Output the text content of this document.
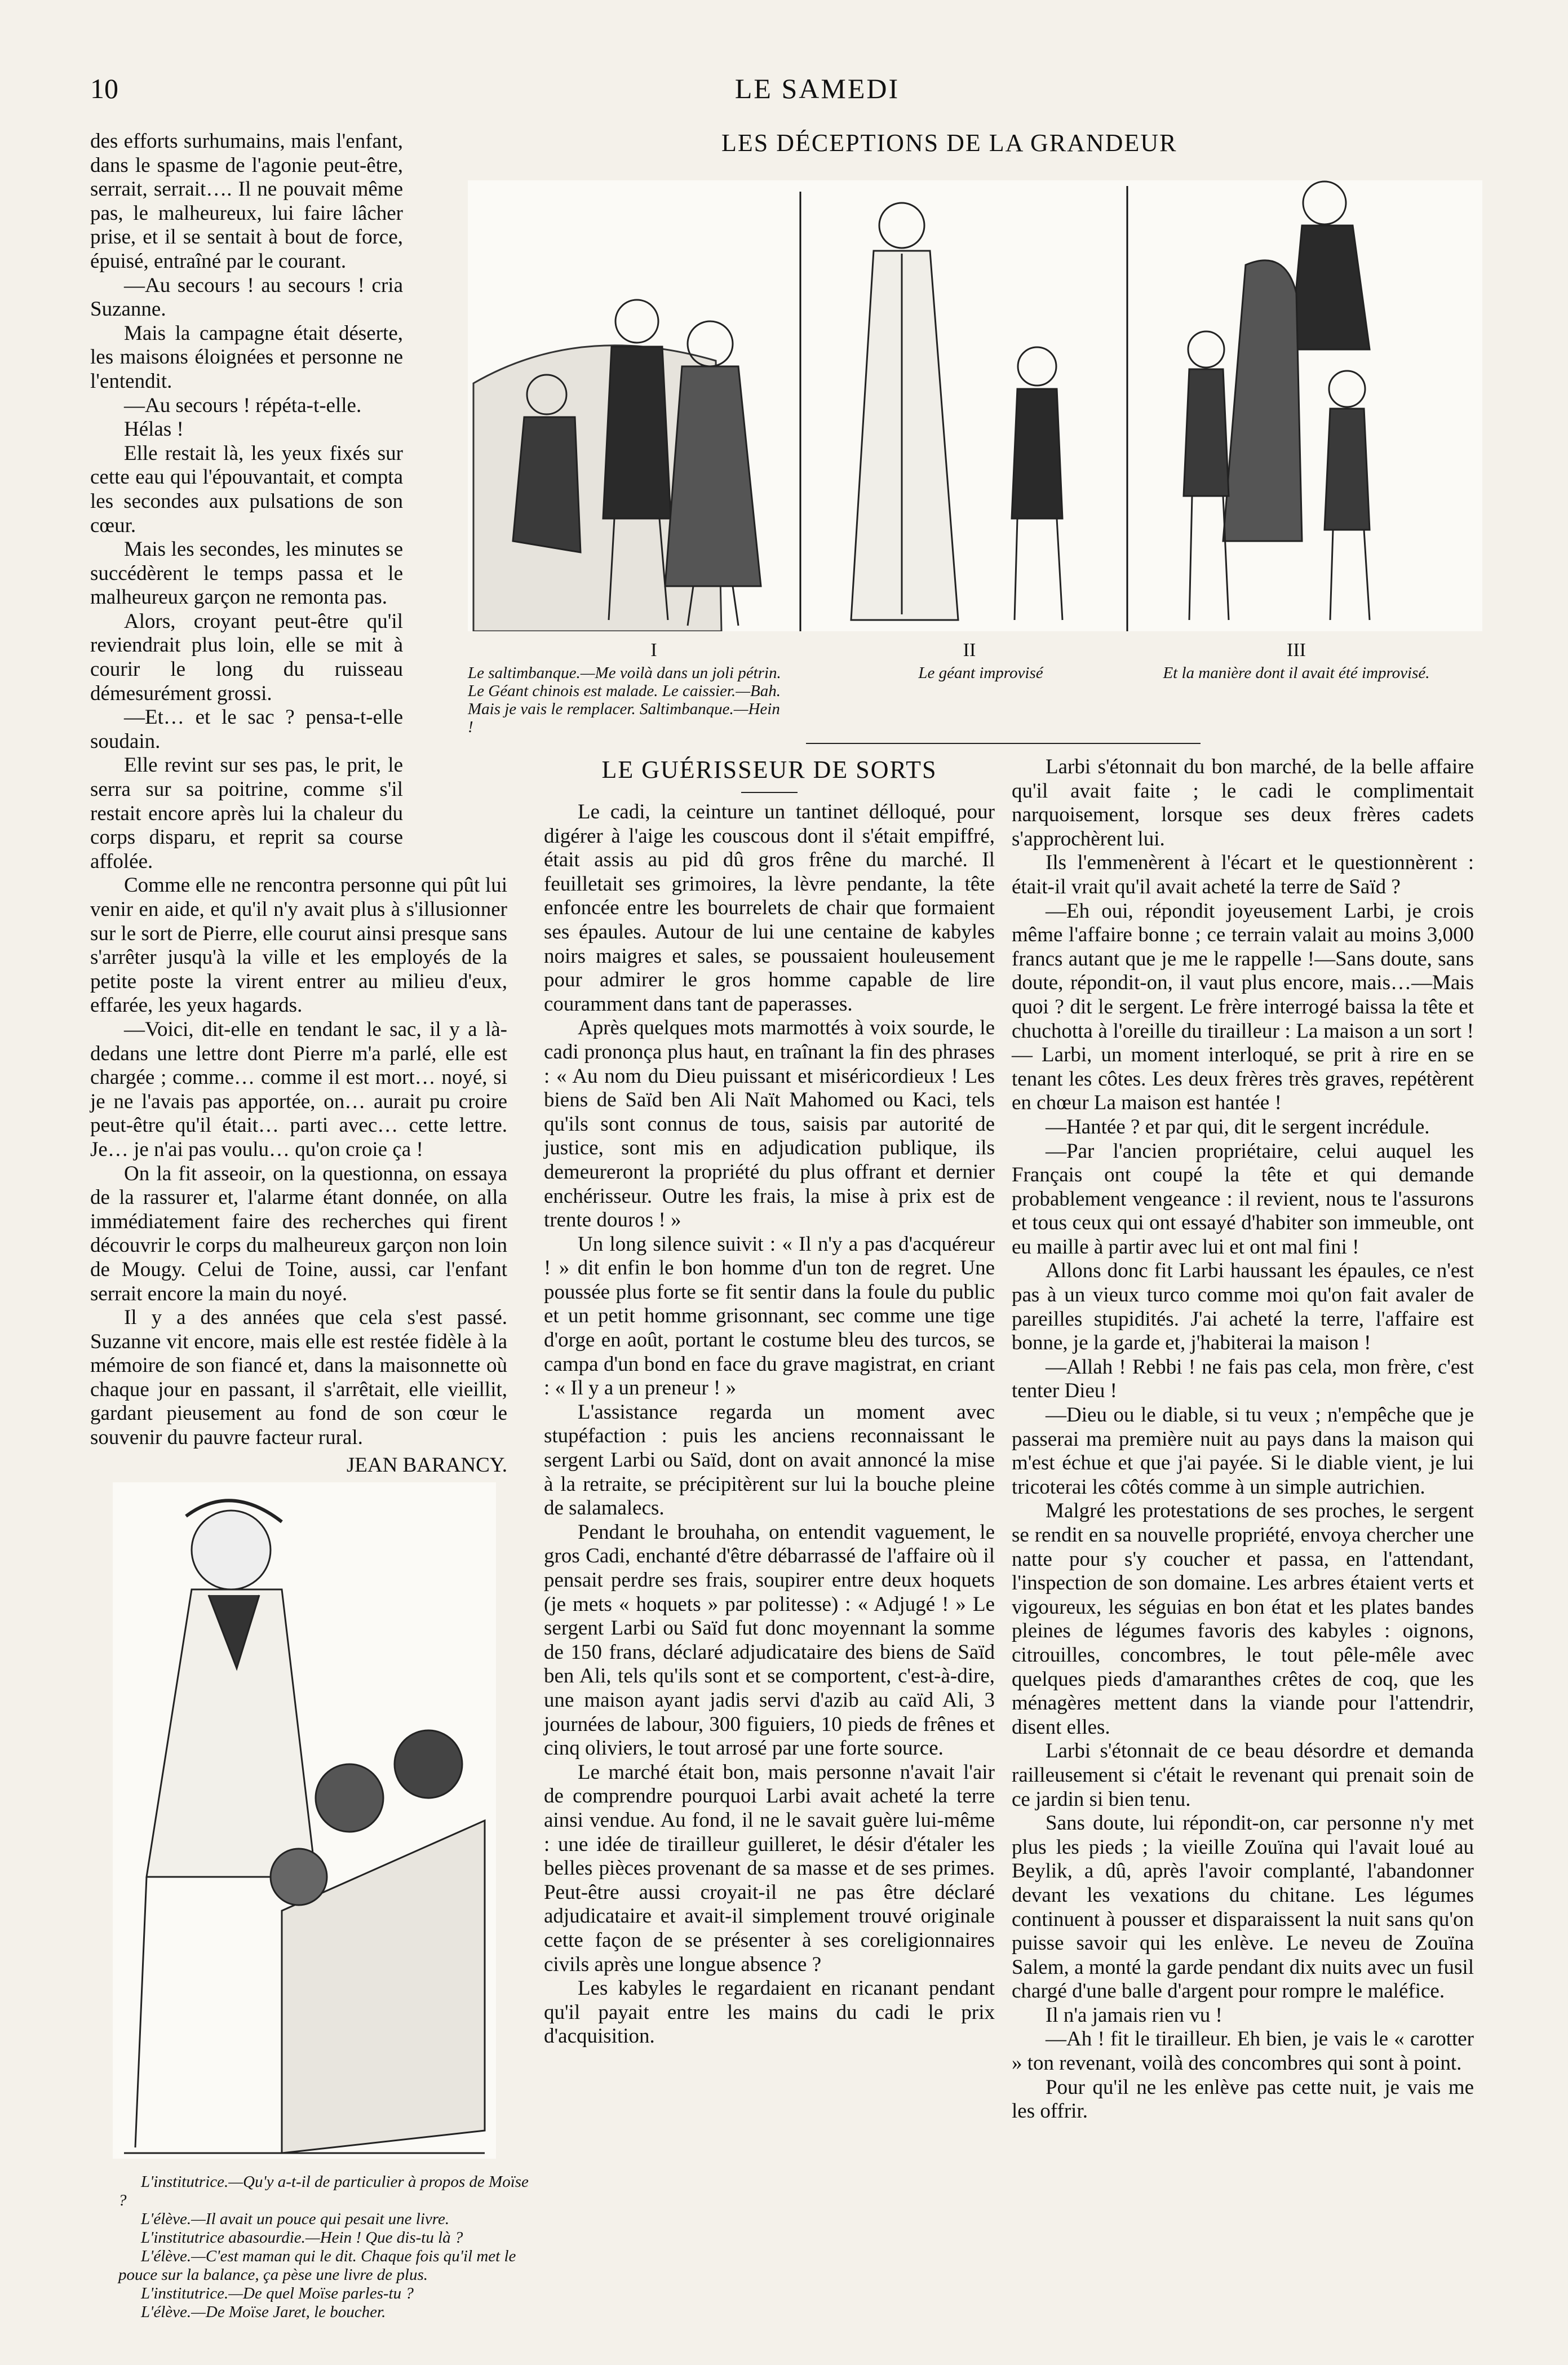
10	LE SAMEDI
LES DÉCEPTIONS DE LA GRANDEUR
I	II	III
Le saltimbanque.—Me voilà dans un joli pétrin. Le Géant chinois est malade. Le caissier.—Bah. Mais je vais le remplacer. Saltimbanque.—Hein !
Le géant improvisé	Et la manière dont il avait été improvisé.

des efforts surhumains, mais l'enfant, dans le spasme de l'agonie peut-être, serrait, serrait…. Il ne pouvait même pas, le malheureux, lui faire lâcher prise, et il se sentait à bout de force, épuisé, entraîné par le courant.

—Au secours ! au secours ! cria Suzanne.

Mais la campagne était déserte, les maisons éloignées et personne ne l'entendit.

—Au secours ! répéta-t-elle.

Hélas !

Elle restait là, les yeux fixés sur cette eau qui l'épouvantait, et compta les secondes aux pulsations de son cœur.

Mais les secondes, les minutes se succédèrent le temps passa et le malheureux garçon ne remonta pas.

Alors, croyant peut-être qu'il reviendrait plus loin, elle se mit à courir le long du ruisseau démesurément grossi.

—Et… et le sac ? pensa-t-elle soudain.

Elle revint sur ses pas, le prit, le serra sur sa poitrine, comme s'il restait encore après lui la chaleur du corps disparu, et reprit sa course affolée.

Comme elle ne rencontra personne qui pût lui venir en aide, et qu'il n'y avait plus à s'illusionner sur le sort de Pierre, elle courut ainsi presque sans s'arrêter jusqu'à la ville et les employés de la petite poste la virent entrer au milieu d'eux, effarée, les yeux hagards.

—Voici, dit-elle en tendant le sac, il y a là-dedans une lettre dont Pierre m'a parlé, elle est chargée ; comme… comme il est mort… noyé, si je ne l'avais pas apportée, on… aurait pu croire peut-être qu'il était… parti avec… cette lettre. Je… je n'ai pas voulu… qu'on croie ça !

On la fit asseoir, on la questionna, on essaya de la rassurer et, l'alarme étant donnée, on alla immédiatement faire des recherches qui firent découvrir le corps du malheureux garçon non loin de Mougy. Celui de Toine, aussi, car l'enfant serrait encore la main du noyé.

Il y a des années que cela s'est passé. Suzanne vit encore, mais elle est restée fidèle à la mémoire de son fiancé et, dans la maisonnette où chaque jour en passant, il s'arrêtait, elle vieillit, gardant pieusement au fond de son cœur le souvenir du pauvre facteur rural.

JEAN BARANCY.

L'institutrice.—Qu'y a-t-il de particulier à propos de Moïse ?
L'élève.—Il avait un pouce qui pesait une livre.
L'institutrice abasourdie.—Hein ! Que dis-tu là ?
L'élève.—C'est maman qui le dit. Chaque fois qu'il met le pouce sur la balance, ça pèse une livre de plus.
L'institutrice.—De quel Moïse parles-tu ?
L'élève.—De Moïse Jaret, le boucher.
LE GUÉRISSEUR DE SORTS

Le cadi, la ceinture un tantinet délloqué, pour digérer à l'aige les couscous dont il s'était empiffré, était assis au pid dû gros frêne du marché. Il feuilletait ses grimoires, la lèvre pendante, la tête enfoncée entre les bourrelets de chair que formaient ses épaules. Autour de lui une centaine de kabyles noirs maigres et sales, se poussaient houleusement pour admirer le gros homme capable de lire couramment dans tant de paperasses.

Après quelques mots marmottés à voix sourde, le cadi prononça plus haut, en traînant la fin des phrases : « Au nom du Dieu puissant et miséricordieux ! Les biens de Saïd ben Ali Naït Mahomed ou Kaci, tels qu'ils sont connus de tous, saisis par autorité de justice, sont mis en adjudication publique, ils demeureront la propriété du plus offrant et dernier enchérisseur. Outre les frais, la mise à prix est de trente douros ! »

Un long silence suivit : « Il n'y a pas d'acquéreur ! » dit enfin le bon homme d'un ton de regret. Une poussée plus forte se fit sentir dans la foule du public et un petit homme grisonnant, sec comme une tige d'orge en août, portant le costume bleu des turcos, se campa d'un bond en face du grave magistrat, en criant : « Il y a un preneur ! »

L'assistance regarda un moment avec stupéfaction : puis les anciens reconnaissant le sergent Larbi ou Saïd, dont on avait annoncé la mise à la retraite, se précipitèrent sur lui la bouche pleine de salamalecs.

Pendant le brouhaha, on entendit vaguement, le gros Cadi, enchanté d'être débarrassé de l'affaire où il pensait perdre ses frais, soupirer entre deux hoquets (je mets « hoquets » par politesse) : « Adjugé ! » Le sergent Larbi ou Saïd fut donc moyennant la somme de 150 frans, déclaré adjudicataire des biens de Saïd ben Ali, tels qu'ils sont et se comportent, c'est-à-dire, une maison ayant jadis servi d'azib au caïd Ali, 3 journées de labour, 300 figuiers, 10 pieds de frênes et cinq oliviers, le tout arrosé par une forte source.

Le marché était bon, mais personne n'avait l'air de comprendre pourquoi Larbi avait acheté la terre ainsi vendue. Au fond, il ne le savait guère lui-même : une idée de tirailleur guilleret, le désir d'étaler les belles pièces provenant de sa masse et de ses primes. Peut-être aussi croyait-il ne pas être déclaré adjudicataire et avait-il simplement trouvé originale cette façon de se présenter à ses coreligionnaires civils après une longue absence ?

Les kabyles le regardaient en ricanant pendant qu'il payait entre les mains du cadi le prix d'acquisition.

Larbi s'étonnait du bon marché, de la belle affaire qu'il avait faite ; le cadi le complimentait narquoisement, lorsque ses deux frères cadets s'approchèrent lui.

Ils l'emmenèrent à l'écart et le questionnèrent : était-il vrait qu'il avait acheté la terre de Saïd ?

—Eh oui, répondit joyeusement Larbi, je crois même l'affaire bonne ; ce terrain valait au moins 3,000 francs autant que je me le rappelle !—Sans doute, sans doute, répondit-on, il vaut plus encore, mais…—Mais quoi ? dit le sergent. Le frère interrogé baissa la tête et chuchotta à l'oreille du tirailleur : La maison a un sort ! — Larbi, un moment interloqué, se prit à rire en se tenant les côtes. Les deux frères très graves, repétèrent en chœur La maison est hantée !

—Hantée ? et par qui, dit le sergent incrédule.

—Par l'ancien propriétaire, celui auquel les Français ont coupé la tête et qui demande probablement vengeance : il revient, nous te l'assurons et tous ceux qui ont essayé d'habiter son immeuble, ont eu maille à partir avec lui et ont mal fini !

Allons donc fit Larbi haussant les épaules, ce n'est pas à un vieux turco comme moi qu'on fait avaler de pareilles stupidités. J'ai acheté la terre, l'affaire est bonne, je la garde et, j'habiterai la maison !

—Allah ! Rebbi ! ne fais pas cela, mon frère, c'est tenter Dieu !

—Dieu ou le diable, si tu veux ; n'empêche que je passerai ma première nuit au pays dans la maison qui m'est échue et que j'ai payée. Si le diable vient, je lui tricoterai les côtés comme à un simple autrichien.

Malgré les protestations de ses proches, le sergent se rendit en sa nouvelle propriété, envoya chercher une natte pour s'y coucher et passa, en l'attendant, l'inspection de son domaine. Les arbres étaient verts et vigoureux, les séguias en bon état et les plates bandes pleines de légumes favoris des kabyles : oignons, citrouilles, concombres, le tout pêle-mêle avec quelques pieds d'amaranthes crêtes de coq, que les ménagères mettent dans la viande pour l'attendrir, disent elles.

Larbi s'étonnait de ce beau désordre et demanda railleusement si c'était le revenant qui prenait soin de ce jardin si bien tenu.

Sans doute, lui répondit-on, car personne n'y met plus les pieds ; la vieille Zouïna qui l'avait loué au Beylik, a dû, après l'avoir complanté, l'abandonner devant les vexations du chitane. Les légumes continuent à pousser et disparaissent la nuit sans qu'on puisse savoir qui les enlève. Le neveu de Zouïna Salem, a monté la garde pendant dix nuits avec un fusil chargé d'une balle d'argent pour rompre le maléfice.

Il n'a jamais rien vu !

—Ah ! fit le tirailleur. Eh bien, je vais le « carotter » ton revenant, voilà des concombres qui sont à point.

Pour qu'il ne les enlève pas cette nuit, je vais me les offrir.
